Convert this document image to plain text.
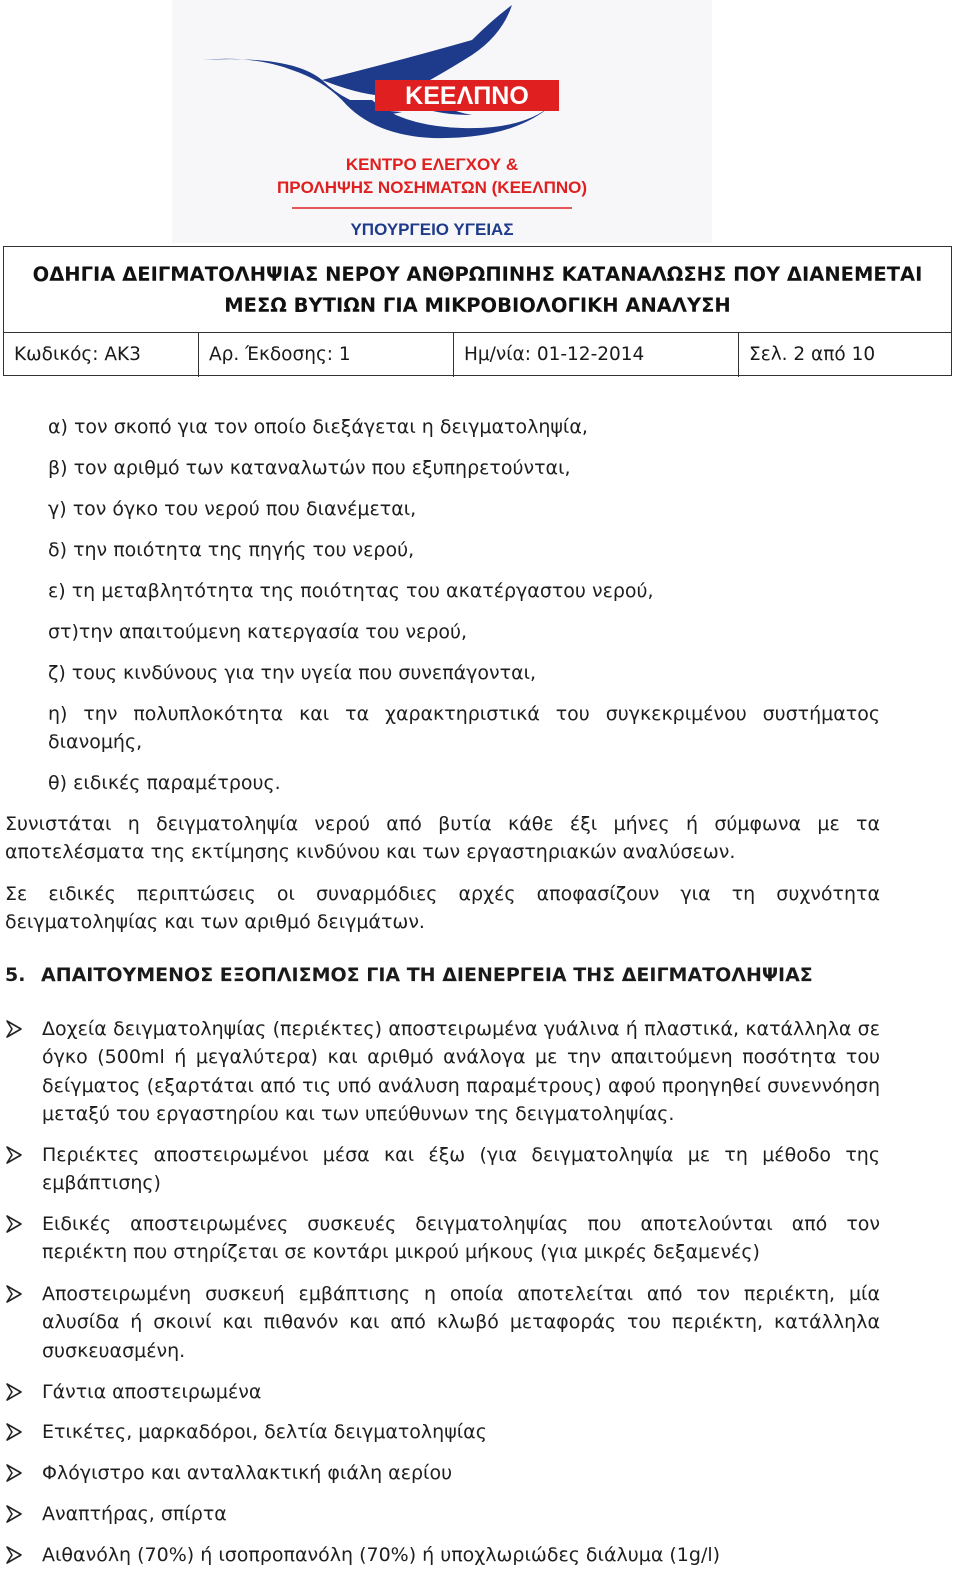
ΚΕΕΛΠΝΟ
ΚΕΝΤΡΟ ΕΛΕΓΧΟΥ &
ΠΡΟΛΗΨΗΣ ΝΟΣΗΜΑΤΩΝ (ΚΕΕΛΠΝΟ)
ΥΠΟΥΡΓΕΙΟ ΥΓΕΙΑΣ
ΟΔΗΓΙΑ ΔΕΙΓΜΑΤΟΛΗΨΙΑΣ ΝΕΡΟΥ ΑΝΘΡΩΠΙΝΗΣ ΚΑΤΑΝΑΛΩΣΗΣ ΠΟΥ ΔΙΑΝΕΜΕΤΑΙ
ΜΕΣΩ ΒΥΤΙΩΝ ΓΙΑ ΜΙΚΡΟΒΙΟΛΟΓΙΚΗ ΑΝΑΛΥΣΗ
Κωδικός: ΑΚ3	Αρ. Έκδοσης: 1	Ημ/νία: 01-12-2014	Σελ. 2 από 10
α) τον σκοπό για τον οποίο διεξάγεται η δειγματοληψία,
β) τον αριθμό των καταναλωτών που εξυπηρετούνται,
γ) τον όγκο του νερού που διανέμεται,
δ) την ποιότητα της πηγής του νερού,
ε) τη μεταβλητότητα της ποιότητας του ακατέργαστου νερού,
στ)την απαιτούμενη κατεργασία του νερού,
ζ) τους κινδύνους για την υγεία που συνεπάγονται,
η) την πολυπλοκότητα και τα χαρακτηριστικά του συγκεκριμένου συστήματος διανομής,
θ) ειδικές παραμέτρους.
Συνιστάται η δειγματοληψία νερού από βυτία κάθε έξι μήνες ή σύμφωνα με τα αποτελέσματα της εκτίμησης κινδύνου και των εργαστηριακών αναλύσεων.
Σε ειδικές περιπτώσεις οι συναρμόδιες αρχές αποφασίζουν για τη συχνότητα δειγματοληψίας και των αριθμό δειγμάτων.
5. ΑΠΑΙΤΟΥΜΕΝΟΣ ΕΞΟΠΛΙΣΜΟΣ ΓΙΑ ΤΗ ΔΙΕΝΕΡΓΕΙΑ ΤΗΣ ΔΕΙΓΜΑΤΟΛΗΨΙΑΣ
Δοχεία δειγματοληψίας (περιέκτες) αποστειρωμένα γυάλινα ή πλαστικά, κατάλληλα σε όγκο (500ml ή μεγαλύτερα) και αριθμό ανάλογα με την απαιτούμενη ποσότητα του δείγματος (εξαρτάται από τις υπό ανάλυση παραμέτρους) αφού προηγηθεί συνεννόηση μεταξύ του εργαστηρίου και των υπεύθυνων της δειγματοληψίας.
Περιέκτες αποστειρωμένοι μέσα και έξω (για δειγματοληψία με τη μέθοδο της εμβάπτισης)
Ειδικές αποστειρωμένες συσκευές δειγματοληψίας που αποτελούνται από τον περιέκτη που στηρίζεται σε κοντάρι μικρού μήκους (για μικρές δεξαμενές)
Αποστειρωμένη συσκευή εμβάπτισης η οποία αποτελείται από τον περιέκτη, μία αλυσίδα ή σκοινί και πιθανόν και από κλωβό μεταφοράς του περιέκτη, κατάλληλα συσκευασμένη.
Γάντια αποστειρωμένα
Ετικέτες, μαρκαδόροι, δελτία δειγματοληψίας
Φλόγιστρο και ανταλλακτική φιάλη αερίου
Αναπτήρας, σπίρτα
Αιθανόλη (70%) ή ισοπροπανόλη (70%) ή υποχλωριώδες διάλυμα (1g/l)
